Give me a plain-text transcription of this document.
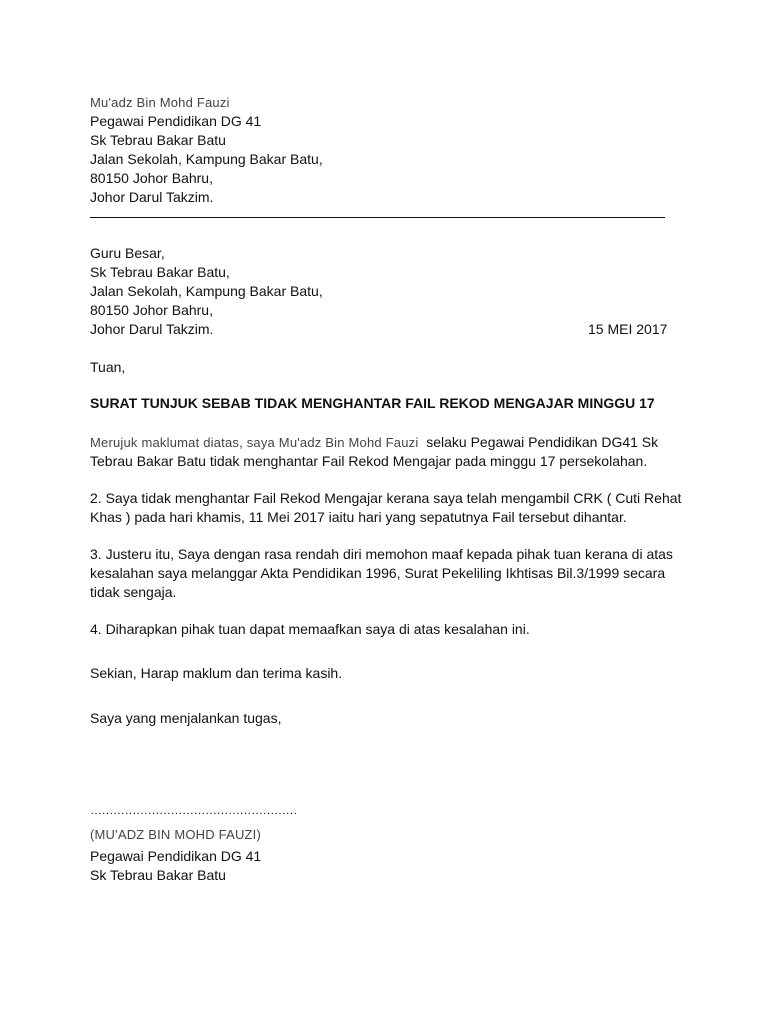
Mu'adz Bin Mohd Fauzi
Pegawai Pendidikan DG 41
Sk Tebrau Bakar Batu
Jalan Sekolah, Kampung Bakar Batu,
80150 Johor Bahru,
Johor Darul Takzim.
Guru Besar,
Sk Tebrau Bakar Batu,
Jalan Sekolah, Kampung Bakar Batu,
80150 Johor Bahru,
Johor Darul Takzim.	15 MEI 2017
Tuan,
SURAT TUNJUK SEBAB TIDAK MENGHANTAR FAIL REKOD MENGAJAR MINGGU 17
Merujuk maklumat diatas, saya Mu'adz Bin Mohd Fauzi selaku Pegawai Pendidikan DG41 Sk
Tebrau Bakar Batu tidak menghantar Fail Rekod Mengajar pada minggu 17 persekolahan.
2. Saya tidak menghantar Fail Rekod Mengajar kerana saya telah mengambil CRK ( Cuti Rehat
Khas ) pada hari khamis, 11 Mei 2017 iaitu hari yang sepatutnya Fail tersebut dihantar.
3. Justeru itu, Saya dengan rasa rendah diri memohon maaf kepada pihak tuan kerana di atas
kesalahan saya melanggar Akta Pendidikan 1996, Surat Pekeliling Ikhtisas Bil.3/1999 secara
tidak sengaja.
4. Diharapkan pihak tuan dapat memaafkan saya di atas kesalahan ini.
Sekian, Harap maklum dan terima kasih.
Saya yang menjalankan tugas,
………………………………………………
(MU'ADZ BIN MOHD FAUZI)
Pegawai Pendidikan DG 41
Sk Tebrau Bakar Batu
